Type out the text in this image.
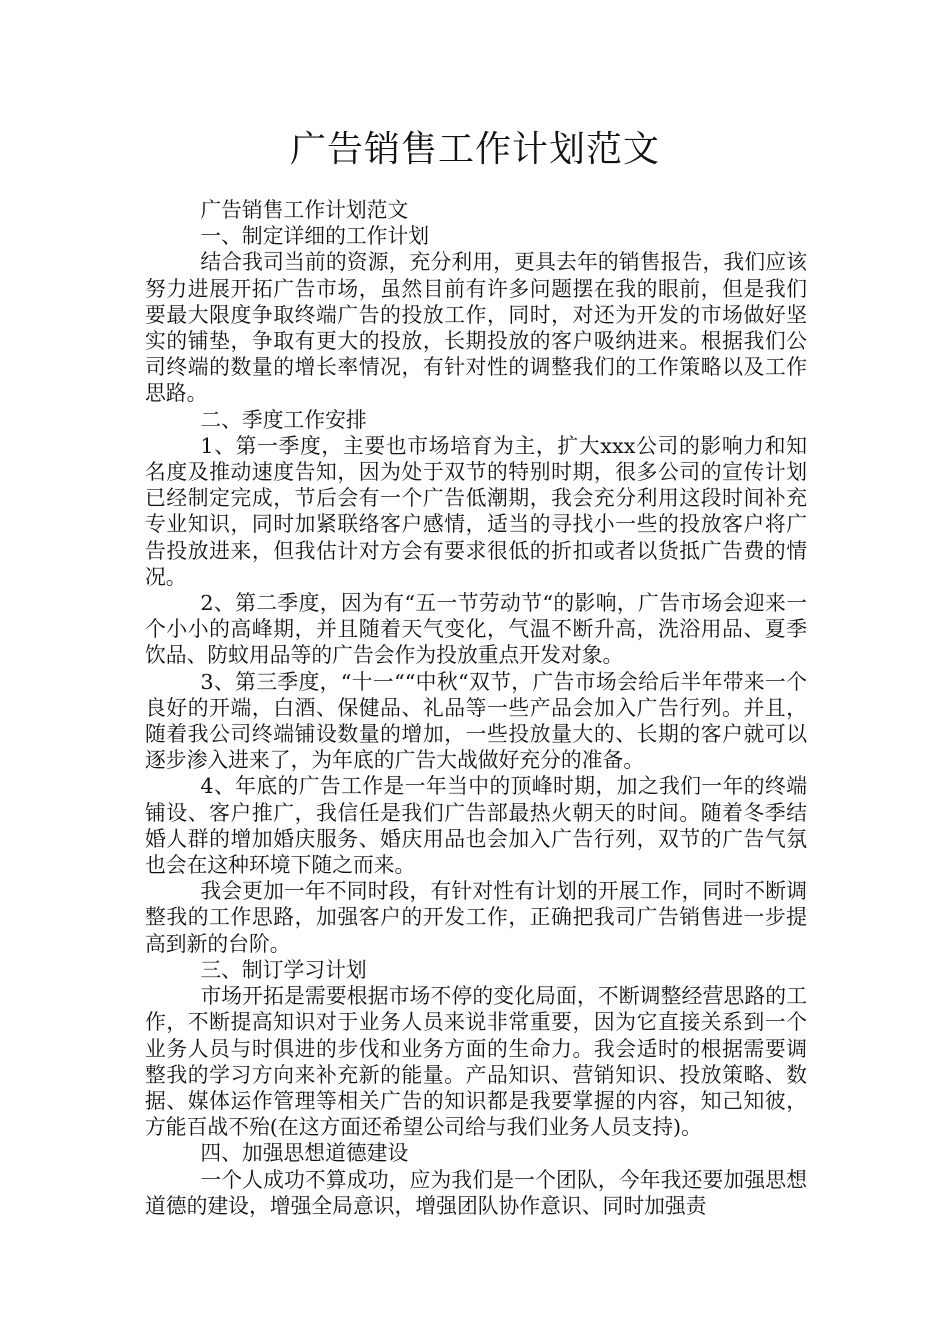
广告销售工作计划范文

广告销售工作计划范文

一、制定详细的工作计划

结合我司当前的资源，充分利用，更具去年的销售报告，我们应该努力进展开拓广告市场，虽然目前有许多问题摆在我的眼前，但是我们要最大限度争取终端广告的投放工作，同时，对还为开发的市场做好坚实的铺垫，争取有更大的投放，长期投放的客户吸纳进来。根据我们公司终端的数量的增长率情况，有针对性的调整我们的工作策略以及工作思路。

二、季度工作安排

1、第一季度，主要也市场培育为主，扩大xxx公司的影响力和知名度及推动速度告知，因为处于双节的特别时期，很多公司的宣传计划已经制定完成，节后会有一个广告低潮期，我会充分利用这段时间补充专业知识，同时加紧联络客户感情，适当的寻找小一些的投放客户将广告投放进来，但我估计对方会有要求很低的折扣或者以货抵广告费的情况。

2、第二季度，因为有“五一节劳动节“的影响，广告市场会迎来一个小小的高峰期，并且随着天气变化，气温不断升高，洗浴用品、夏季饮品、防蚊用品等的广告会作为投放重点开发对象。

3、第三季度，“十一““中秋“双节，广告市场会给后半年带来一个良好的开端，白酒、保健品、礼品等一些产品会加入广告行列。并且，随着我公司终端铺设数量的增加，一些投放量大的、长期的客户就可以逐步渗入进来了，为年底的广告大战做好充分的准备。

4、年底的广告工作是一年当中的顶峰时期，加之我们一年的终端铺设、客户推广，我信任是我们广告部最热火朝天的时间。随着冬季结婚人群的增加婚庆服务、婚庆用品也会加入广告行列，双节的广告气氛也会在这种环境下随之而来。

我会更加一年不同时段，有针对性有计划的开展工作，同时不断调整我的工作思路，加强客户的开发工作，正确把我司广告销售进一步提高到新的台阶。

三、制订学习计划

市场开拓是需要根据市场不停的变化局面，不断调整经营思路的工作，不断提高知识对于业务人员来说非常重要，因为它直接关系到一个业务人员与时俱进的步伐和业务方面的生命力。我会适时的根据需要调整我的学习方向来补充新的能量。产品知识、营销知识、投放策略、数据、媒体运作管理等相关广告的知识都是我要掌握的内容，知己知彼，方能百战不殆(在这方面还希望公司给与我们业务人员支持)。

四、加强思想道德建设

一个人成功不算成功，应为我们是一个团队，今年我还要加强思想道德的建设，增强全局意识，增强团队协作意识、同时加强责
